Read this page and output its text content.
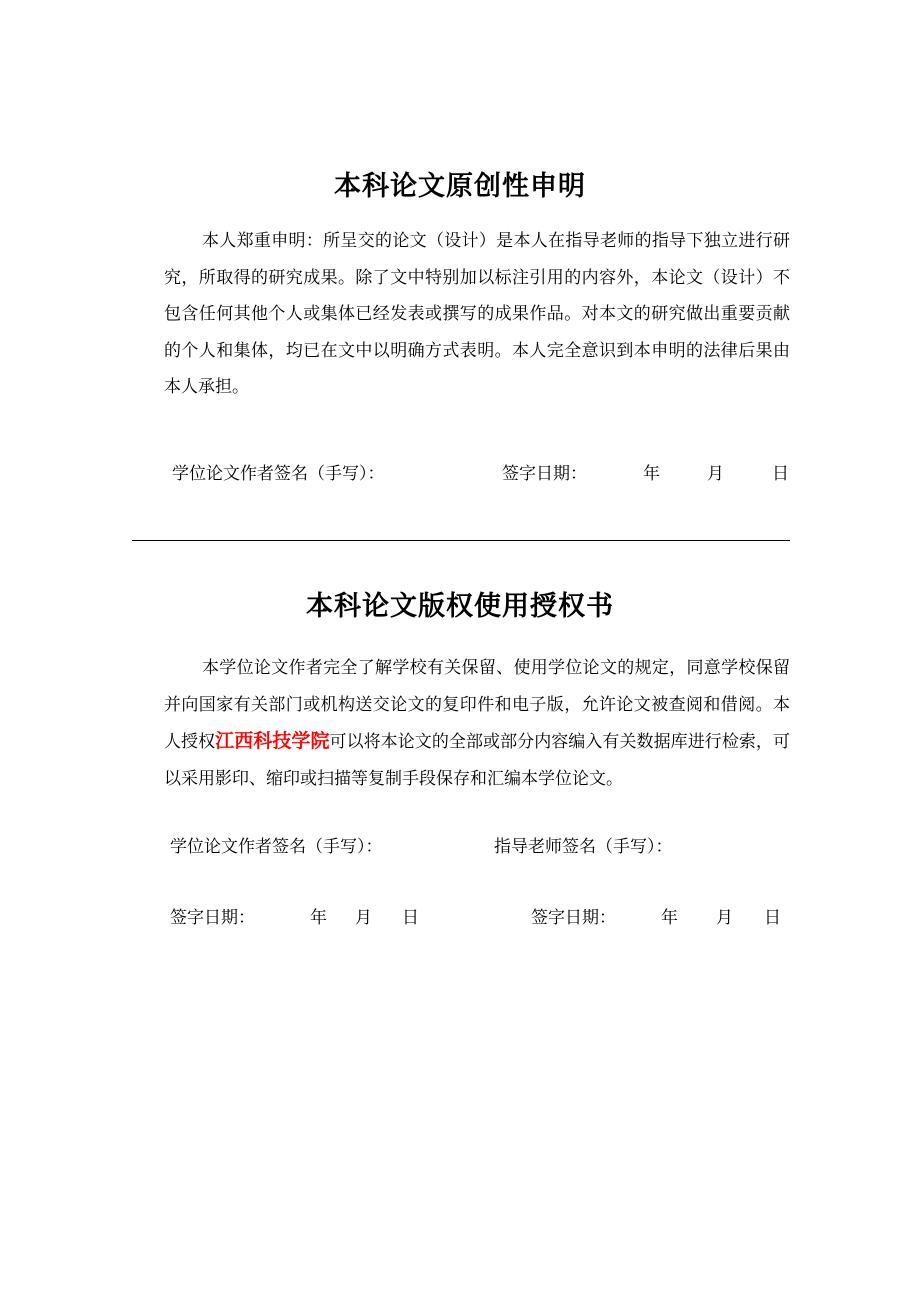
本科论文原创性申明

本人郑重申明：所呈交的论文（设计）是本人在指导老师的指导下独立进行研究，所取得的研究成果。除了文中特别加以标注引用的内容外，本论文（设计）不包含任何其他个人或集体已经发表或撰写的成果作品。对本文的研究做出重要贡献的个人和集体，均已在文中以明确方式表明。本人完全意识到本申明的法律后果由本人承担。

学位论文作者签名（手写）：	签字日期：	年	月	日
本科论文版权使用授权书

本学位论文作者完全了解学校有关保留、使用学位论文的规定，同意学校保留并向国家有关部门或机构送交论文的复印件和电子版，允许论文被查阅和借阅。本人授权江西科技学院可以将本论文的全部或部分内容编入有关数据库进行检索，可以采用影印、缩印或扫描等复制手段保存和汇编本学位论文。

学位论文作者签名（手写）：	指导老师签名（手写）：
签字日期：	年 月 日	签字日期：	年 月 日
